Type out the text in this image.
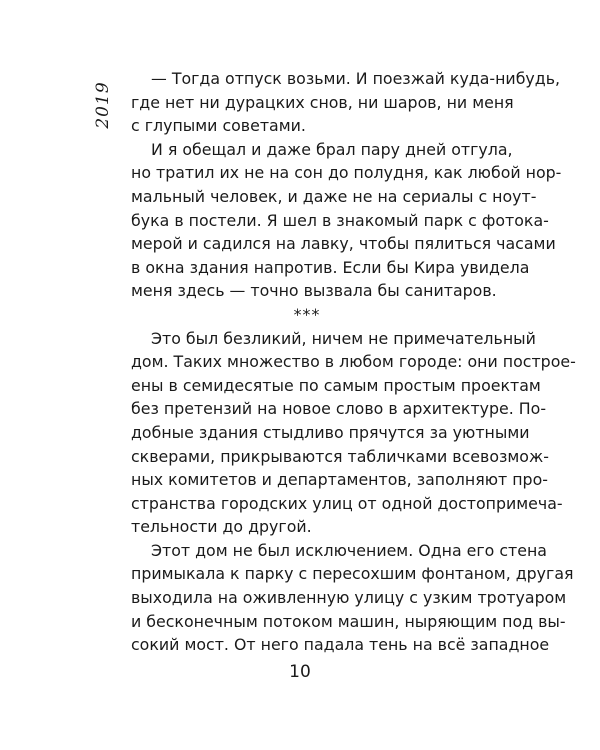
2019
— Тогда отпуск возьми. И поезжай куда-нибудь,
где нет ни дурацких снов, ни шаров, ни меня
с глупыми советами.
И я обещал и даже брал пару дней отгула,
но тратил их не на сон до полудня, как любой нор-
мальный человек, и даже не на сериалы с ноут-
бука в постели. Я шел в знакомый парк с фотока-
мерой и садился на лавку, чтобы пялиться часами
в окна здания напротив. Если бы Кира увидела
меня здесь — точно вызвала бы санитаров.
***
Это был безликий, ничем не примечательный
дом. Таких множество в любом городе: они построе-
ены в семидесятые по самым простым проектам
без претензий на новое слово в архитектуре. По-
добные здания стыдливо прячутся за уютными
скверами, прикрываются табличками всевозмож-
ных комитетов и департаментов, заполняют про-
странства городских улиц от одной достопримеча-
тельности до другой.
Этот дом не был исключением. Одна его стена
примыкала к парку с пересохшим фонтаном, другая
выходила на оживленную улицу с узким тротуаром
и бесконечным потоком машин, ныряющим под вы-
сокий мост. От него падала тень на всё западное
10
